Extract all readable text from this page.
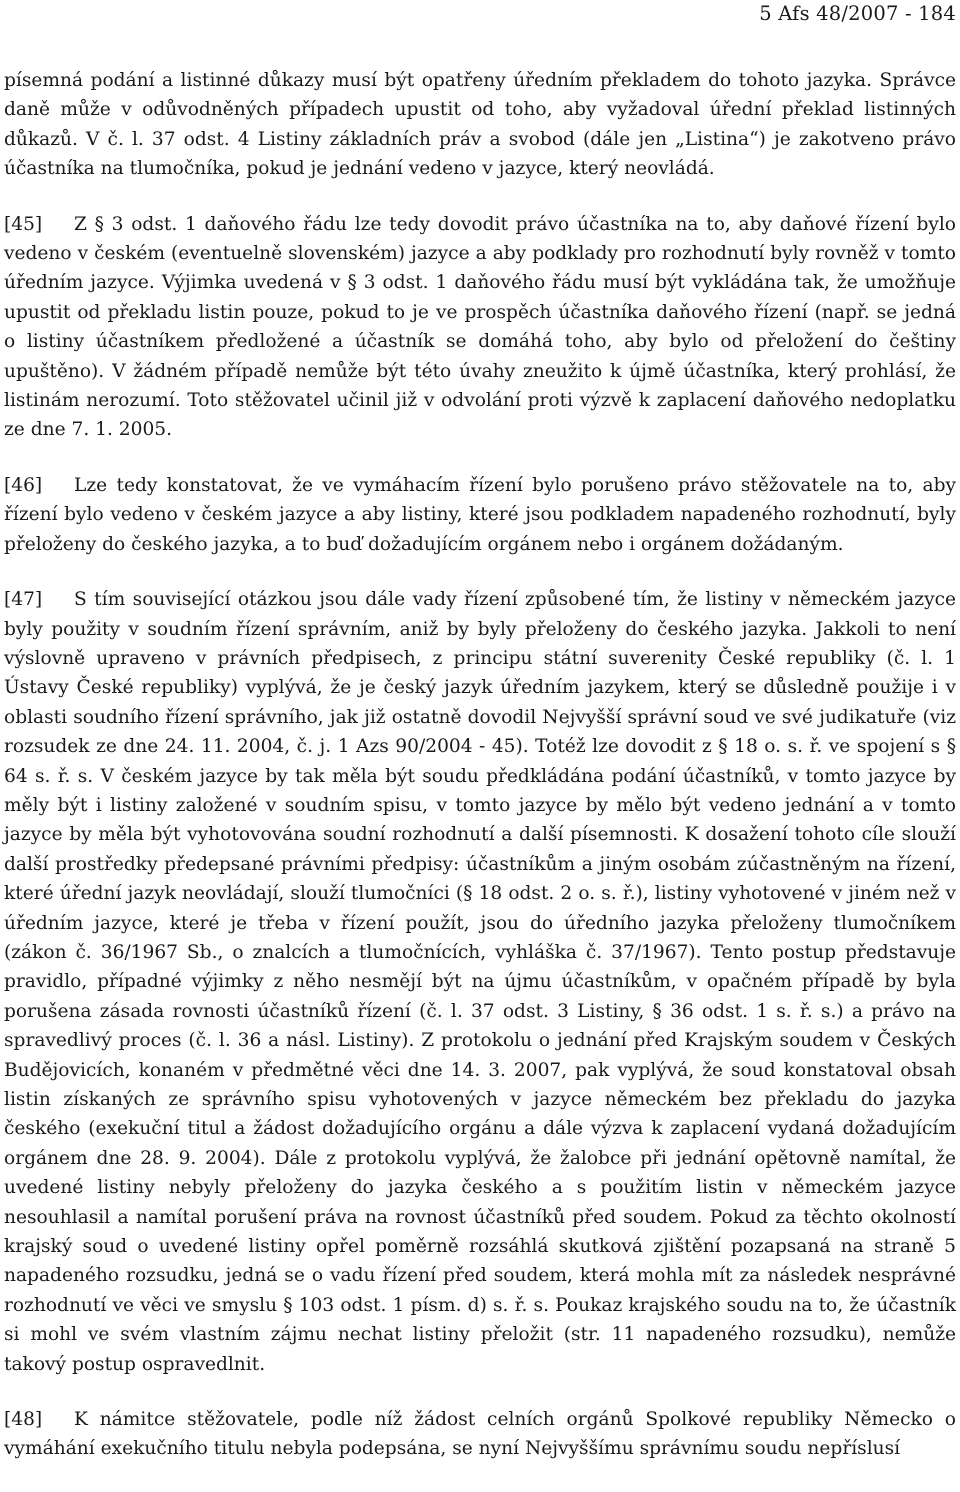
5 Afs 48/2007 - 184

písemná podání a listinné důkazy musí být opatřeny úředním překladem do tohoto jazyka. Správce daně může v odůvodněných případech upustit od toho, aby vyžadoval úřední překlad listinných důkazů. V č. l. 37 odst. 4 Listiny základních práv a svobod (dále jen „Listina“) je zakotveno právo účastníka na tlumočníka, pokud je jednání vedeno v jazyce, který neovládá.

[45] Z § 3 odst. 1 daňového řádu lze tedy dovodit právo účastníka na to, aby daňové řízení bylo vedeno v českém (eventuelně slovenském) jazyce a aby podklady pro rozhodnutí byly rovněž v tomto úředním jazyce. Výjimka uvedená v § 3 odst. 1 daňového řádu musí být vykládána tak, že umožňuje upustit od překladu listin pouze, pokud to je ve prospěch účastníka daňového řízení (např. se jedná o listiny účastníkem předložené a účastník se domáhá toho, aby bylo od přeložení do češtiny upuštěno). V žádném případě nemůže být této úvahy zneužito k újmě účastníka, který prohlásí, že listinám nerozumí. Toto stěžovatel učinil již v odvolání proti výzvě k zaplacení daňového nedoplatku ze dne 7. 1. 2005.

[46] Lze tedy konstatovat, že ve vymáhacím řízení bylo porušeno právo stěžovatele na to, aby řízení bylo vedeno v českém jazyce a aby listiny, které jsou podkladem napadeného rozhodnutí, byly přeloženy do českého jazyka, a to buď dožadujícím orgánem nebo i orgánem dožádaným.

[47] S tím související otázkou jsou dále vady řízení způsobené tím, že listiny v německém jazyce byly použity v soudním řízení správním, aniž by byly přeloženy do českého jazyka. Jakkoli to není výslovně upraveno v právních předpisech, z principu státní suverenity České republiky (č. l. 1 Ústavy České republiky) vyplývá, že je český jazyk úředním jazykem, který se důsledně použije i v oblasti soudního řízení správního, jak již ostatně dovodil Nejvyšší správní soud ve své judikatuře (viz rozsudek ze dne 24. 11. 2004, č. j. 1 Azs 90/2004 - 45). Totéž lze dovodit z § 18 o. s. ř. ve spojení s § 64 s. ř. s. V českém jazyce by tak měla být soudu předkládána podání účastníků, v tomto jazyce by měly být i listiny založené v soudním spisu, v tomto jazyce by mělo být vedeno jednání a v tomto jazyce by měla být vyhotovována soudní rozhodnutí a další písemnosti. K dosažení tohoto cíle slouží další prostředky předepsané právními předpisy: účastníkům a jiným osobám zúčastněným na řízení, které úřední jazyk neovládají, slouží tlumočníci (§ 18 odst. 2 o. s. ř.), listiny vyhotovené v jiném než v úředním jazyce, které je třeba v řízení použít, jsou do úředního jazyka přeloženy tlumočníkem (zákon č. 36/1967 Sb., o znalcích a tlumočnících, vyhláška č. 37/1967). Tento postup představuje pravidlo, případné výjimky z něho nesmějí být na újmu účastníkům, v opačném případě by byla porušena zásada rovnosti účastníků řízení (č. l. 37 odst. 3 Listiny, § 36 odst. 1 s. ř. s.) a právo na spravedlivý proces (č. l. 36 a násl. Listiny). Z protokolu o jednání před Krajským soudem v Českých Budějovicích, konaném v předmětné věci dne 14. 3. 2007, pak vyplývá, že soud konstatoval obsah listin získaných ze správního spisu vyhotovených v jazyce německém bez překladu do jazyka českého (exekuční titul a žádost dožadujícího orgánu a dále výzva k zaplacení vydaná dožadujícím orgánem dne 28. 9. 2004). Dále z protokolu vyplývá, že žalobce při jednání opětovně namítal, že uvedené listiny nebyly přeloženy do jazyka českého a s použitím listin v německém jazyce nesouhlasil a namítal porušení práva na rovnost účastníků před soudem. Pokud za těchto okolností krajský soud o uvedené listiny opřel poměrně rozsáhlá skutková zjištění pozapsaná na straně 5 napadeného rozsudku, jedná se o vadu řízení před soudem, která mohla mít za následek nesprávné rozhodnutí ve věci ve smyslu § 103 odst. 1 písm. d) s. ř. s. Poukaz krajského soudu na to, že účastník si mohl ve svém vlastním zájmu nechat listiny přeložit (str. 11 napadeného rozsudku), nemůže takový postup ospravedlnit.

[48] K námitce stěžovatele, podle níž žádost celních orgánů Spolkové republiky Německo o vymáhání exekučního titulu nebyla podepsána, se nyní Nejvyššímu správnímu soudu nepříslusí
